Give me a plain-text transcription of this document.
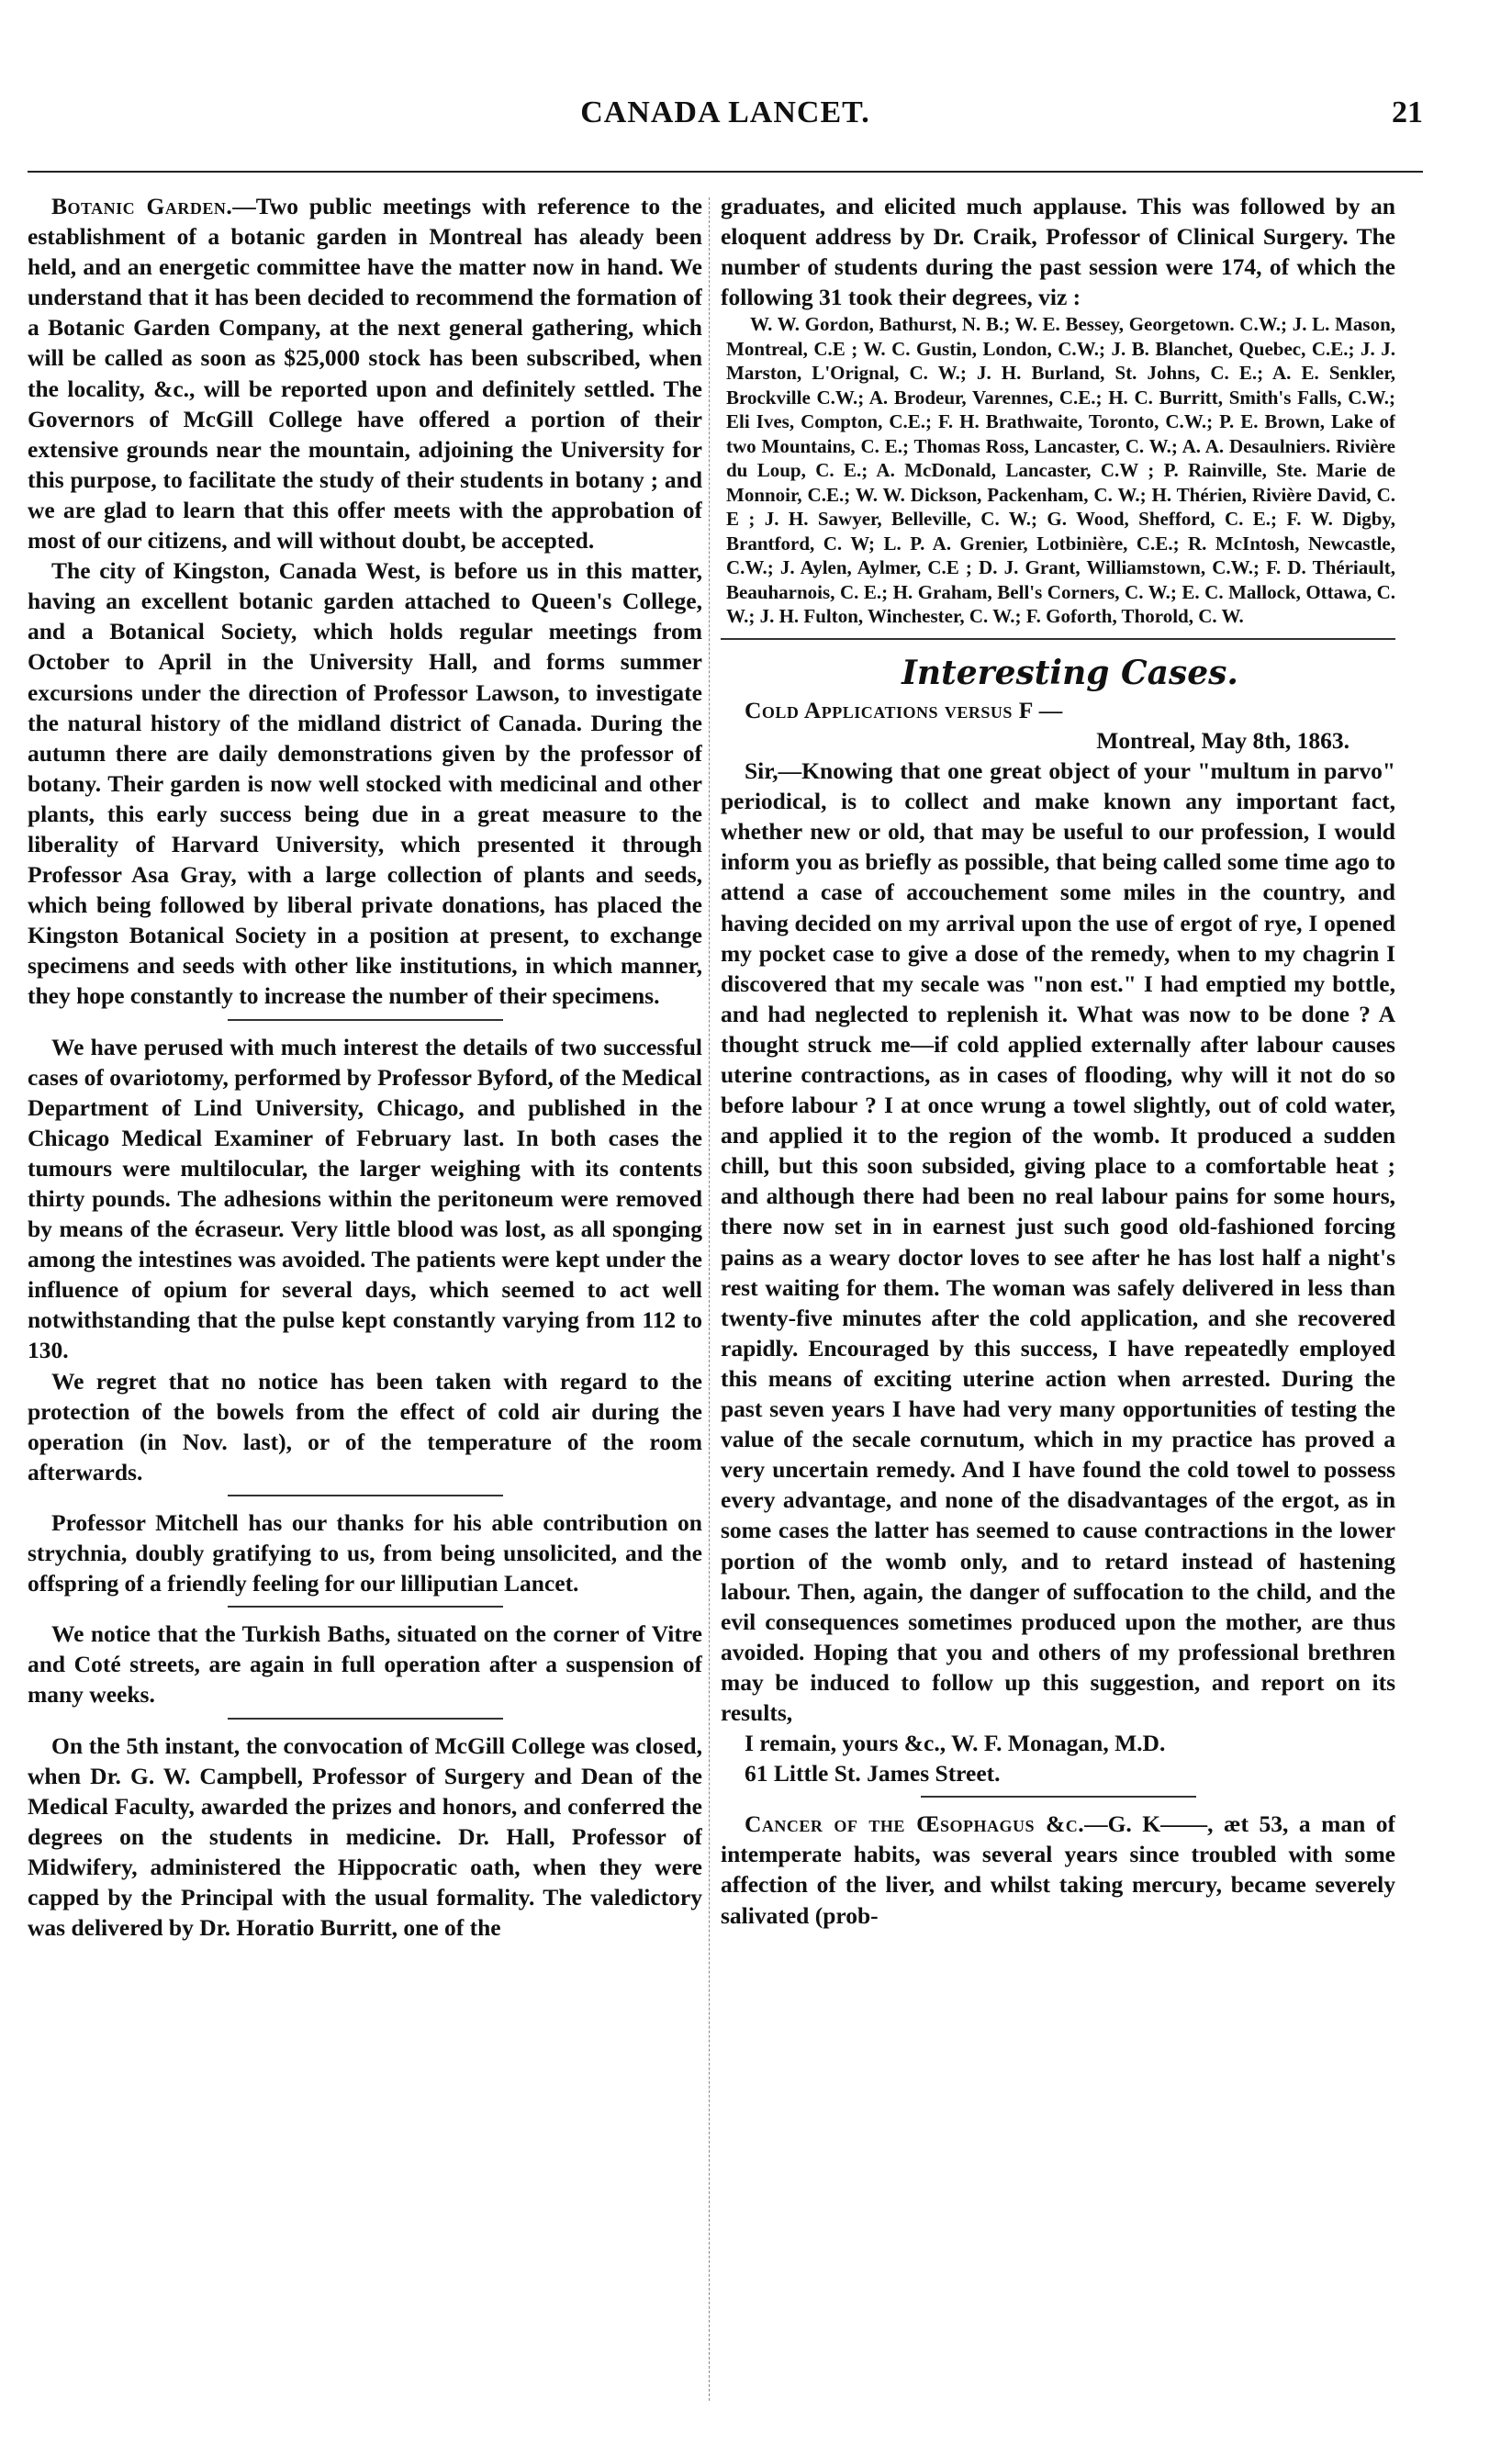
CANADA LANCET.	21

Botanic Garden.—Two public meetings with reference to the establishment of a botanic garden in Montreal has aleady been held, and an energetic committee have the matter now in hand. We understand that it has been decided to recommend the formation of a Botanic Garden Company, at the next general gathering, which will be called as soon as $25,000 stock has been subscribed, when the locality, &c., will be reported upon and definitely settled. The Governors of McGill College have offered a portion of their extensive grounds near the mountain, adjoining the University for this purpose, to facilitate the study of their students in botany ; and we are glad to learn that this offer meets with the approbation of most of our citizens, and will without doubt, be accepted.

The city of Kingston, Canada West, is before us in this matter, having an excellent botanic garden attached to Queen's College, and a Botanical Society, which holds regular meetings from October to April in the University Hall, and forms summer excursions under the direction of Professor Lawson, to investigate the natural history of the midland district of Canada. During the autumn there are daily demonstrations given by the professor of botany. Their garden is now well stocked with medicinal and other plants, this early success being due in a great measure to the liberality of Harvard University, which presented it through Professor Asa Gray, with a large collection of plants and seeds, which being followed by liberal private donations, has placed the Kingston Botanical Society in a position at present, to exchange specimens and seeds with other like institutions, in which manner, they hope constantly to increase the number of their specimens.

We have perused with much interest the details of two successful cases of ovariotomy, performed by Professor Byford, of the Medical Department of Lind University, Chicago, and published in the Chicago Medical Examiner of February last. In both cases the tumours were multilocular, the larger weighing with its contents thirty pounds. The adhesions within the peritoneum were removed by means of the écraseur. Very little blood was lost, as all sponging among the intestines was avoided. The patients were kept under the influence of opium for several days, which seemed to act well notwithstanding that the pulse kept constantly varying from 112 to 130.

We regret that no notice has been taken with regard to the protection of the bowels from the effect of cold air during the operation (in Nov. last), or of the temperature of the room afterwards.

Professor Mitchell has our thanks for his able contribution on strychnia, doubly gratifying to us, from being unsolicited, and the offspring of a friendly feeling for our lilliputian Lancet.

We notice that the Turkish Baths, situated on the corner of Vitre and Coté streets, are again in full operation after a suspension of many weeks.

On the 5th instant, the convocation of McGill College was closed, when Dr. G. W. Campbell, Professor of Surgery and Dean of the Medical Faculty, awarded the prizes and honors, and conferred the degrees on the students in medicine. Dr. Hall, Professor of Midwifery, administered the Hippocratic oath, when they were capped by the Principal with the usual formality. The valedictory was delivered by Dr. Horatio Burritt, one of the

graduates, and elicited much applause. This was followed by an eloquent address by Dr. Craik, Professor of Clinical Surgery. The number of students during the past session were 174, of which the following 31 took their degrees, viz :

W. W. Gordon, Bathurst, N. B.; W. E. Bessey, Georgetown. C.W.; J. L. Mason, Montreal, C.E ; W. C. Gustin, London, C.W.; J. B. Blanchet, Quebec, C.E.; J. J. Marston, L'Orignal, C. W.; J. H. Burland, St. Johns, C. E.; A. E. Senkler, Brockville C.W.; A. Brodeur, Varennes, C.E.; H. C. Burritt, Smith's Falls, C.W.; Eli Ives, Compton, C.E.; F. H. Brathwaite, Toronto, C.W.; P. E. Brown, Lake of two Mountains, C. E.; Thomas Ross, Lancaster, C. W.; A. A. Desaulniers. Rivière du Loup, C. E.; A. McDonald, Lancaster, C.W ; P. Rainville, Ste. Marie de Monnoir, C.E.; W. W. Dickson, Packenham, C. W.; H. Thérien, Rivière David, C. E ; J. H. Sawyer, Belleville, C. W.; G. Wood, Shefford, C. E.; F. W. Digby, Brantford, C. W; L. P. A. Grenier, Lotbinière, C.E.; R. McIntosh, Newcastle, C.W.; J. Aylen, Aylmer, C.E ; D. J. Grant, Williamstown, C.W.; F. D. Thériault, Beauharnois, C. E.; H. Graham, Bell's Corners, C. W.; E. C. Mallock, Ottawa, C. W.; J. H. Fulton, Winchester, C. W.; F. Goforth, Thorold, C. W.

Interesting Cases.

Cold Applications versus F —

Montreal, May 8th, 1863.

Sir,—Knowing that one great object of your "multum in parvo" periodical, is to collect and make known any important fact, whether new or old, that may be useful to our profession, I would inform you as briefly as possible, that being called some time ago to attend a case of accouchement some miles in the country, and having decided on my arrival upon the use of ergot of rye, I opened my pocket case to give a dose of the remedy, when to my chagrin I discovered that my secale was "non est." I had emptied my bottle, and had neglected to replenish it. What was now to be done ? A thought struck me—if cold applied externally after labour causes uterine contractions, as in cases of flooding, why will it not do so before labour ? I at once wrung a towel slightly, out of cold water, and applied it to the region of the womb. It produced a sudden chill, but this soon subsided, giving place to a comfortable heat ; and although there had been no real labour pains for some hours, there now set in in earnest just such good old-fashioned forcing pains as a weary doctor loves to see after he has lost half a night's rest waiting for them. The woman was safely delivered in less than twenty-five minutes after the cold application, and she recovered rapidly. Encouraged by this success, I have repeatedly employed this means of exciting uterine action when arrested. During the past seven years I have had very many opportunities of testing the value of the secale cornutum, which in my practice has proved a very uncertain remedy. And I have found the cold towel to possess every advantage, and none of the disadvantages of the ergot, as in some cases the latter has seemed to cause contractions in the lower portion of the womb only, and to retard instead of hastening labour. Then, again, the danger of suffocation to the child, and the evil consequences sometimes produced upon the mother, are thus avoided. Hoping that you and others of my professional brethren may be induced to follow up this suggestion, and report on its results,

I remain, yours &c., W. F. Monagan, M.D.

61 Little St. James Street.

Cancer of the Œsophagus &c.—G. K——, æt 53, a man of intemperate habits, was several years since troubled with some affection of the liver, and whilst taking mercury, became severely salivated (prob-
